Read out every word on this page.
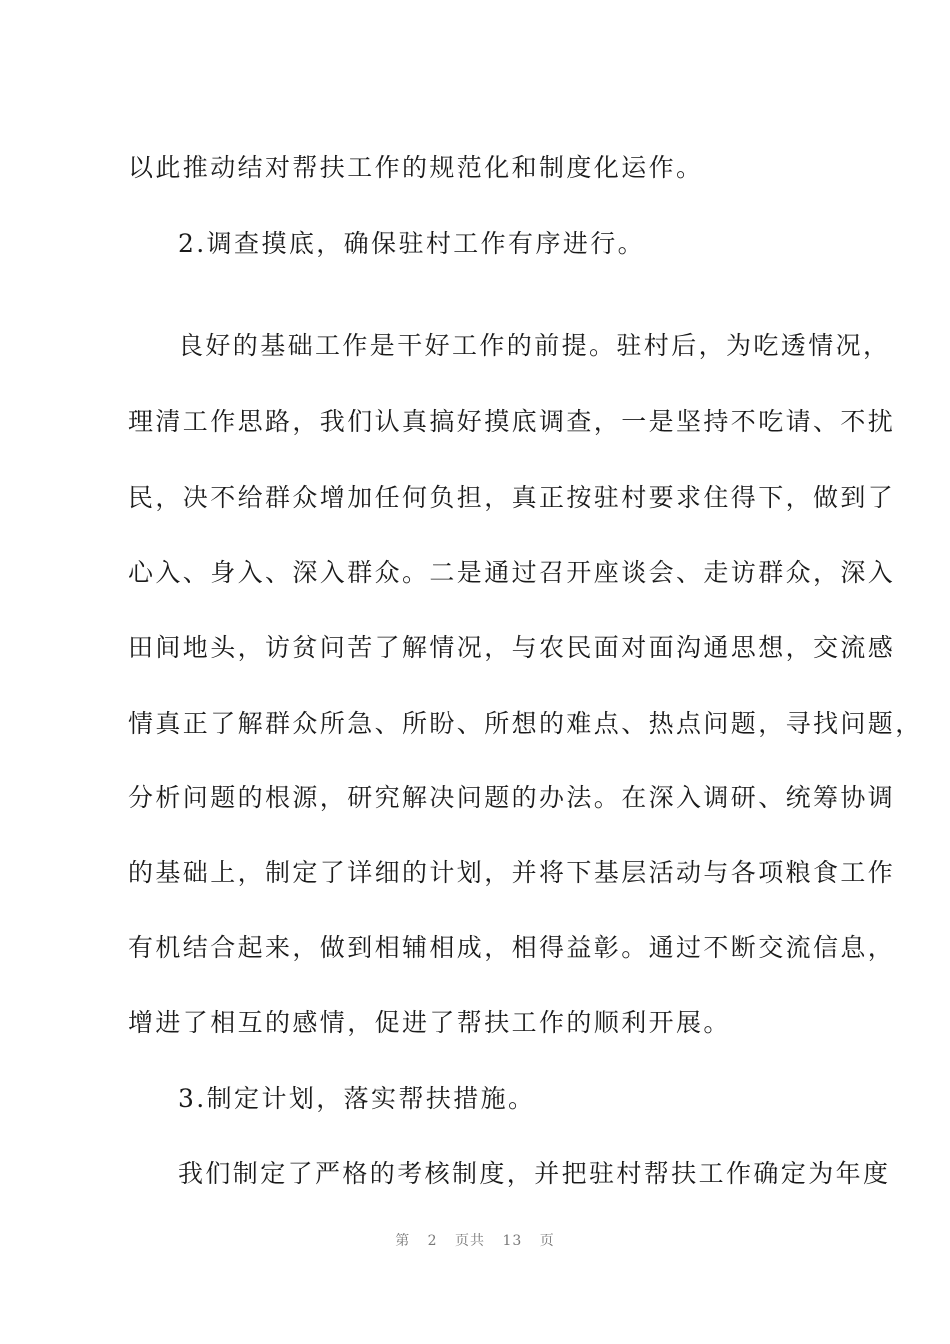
以此推动结对帮扶工作的规范化和制度化运作。
2.调查摸底，确保驻村工作有序进行。
良好的基础工作是干好工作的前提。驻村后，为吃透情况，
理清工作思路，我们认真搞好摸底调查，一是坚持不吃请、不扰
民，决不给群众增加任何负担，真正按驻村要求住得下，做到了
心入、身入、深入群众。二是通过召开座谈会、走访群众，深入
田间地头，访贫问苦了解情况，与农民面对面沟通思想，交流感
情真正了解群众所急、所盼、所想的难点、热点问题，寻找问题，
分析问题的根源，研究解决问题的办法。在深入调研、统筹协调
的基础上，制定了详细的计划，并将下基层活动与各项粮食工作
有机结合起来，做到相辅相成，相得益彰。通过不断交流信息，
增进了相互的感情，促进了帮扶工作的顺利开展。
3.制定计划，落实帮扶措施。
我们制定了严格的考核制度，并把驻村帮扶工作确定为年度
第 2 页共 13 页
